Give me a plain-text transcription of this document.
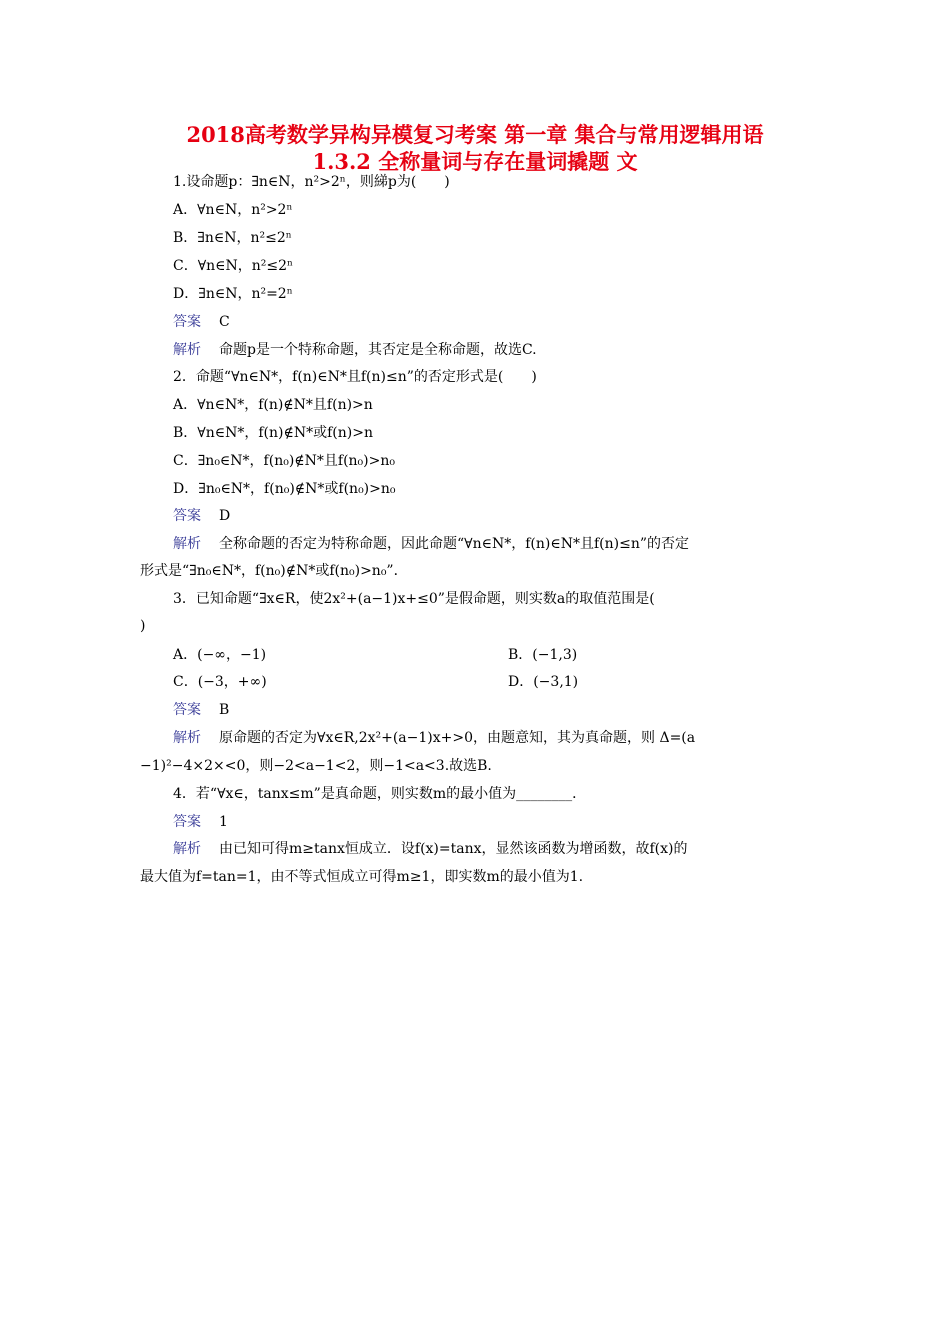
2018高考数学异构异模复习考案 第一章 集合与常用逻辑用语
1.3.2 全称量词与存在量词撬题 文
1.设命题p：∃n∈N，n²>2ⁿ，则綈p为(　　)
A．∀n∈N，n²>2ⁿ
B．∃n∈N，n²≤2ⁿ
C．∀n∈N，n²≤2ⁿ
D．∃n∈N，n²=2ⁿ
答案 C
解析 命题p是一个特称命题，其否定是全称命题，故选C.
2．命题“∀n∈N*，f(n)∈N*且f(n)≤n”的否定形式是(　　)
A．∀n∈N*，f(n)∉N*且f(n)>n
B．∀n∈N*，f(n)∉N*或f(n)>n
C．∃n₀∈N*，f(n₀)∉N*且f(n₀)>n₀
D．∃n₀∈N*，f(n₀)∉N*或f(n₀)>n₀
答案 D
解析 全称命题的否定为特称命题，因此命题“∀n∈N*，f(n)∈N*且f(n)≤n”的否定
形式是“∃n₀∈N*，f(n₀)∉N*或f(n₀)>n₀”．
3．已知命题“∃x∈R，使2x²+(a−1)x+≤0”是假命题，则实数a的取值范围是(
)
A．(−∞，−1)	B．(−1,3)
C．(−3，+∞)	D．(−3,1)
答案 B
解析 原命题的否定为∀x∈R,2x²+(a−1)x+>0，由题意知，其为真命题，则 Δ=(a
−1)²−4×2×<0，则−2<a−1<2，则−1<a<3.故选B.
4．若“∀x∈，tanx≤m”是真命题，则实数m的最小值为________．
答案 1
解析 由已知可得m≥tanx恒成立．设f(x)=tanx，显然该函数为增函数，故f(x)的
最大值为f=tan=1，由不等式恒成立可得m≥1，即实数m的最小值为1.
